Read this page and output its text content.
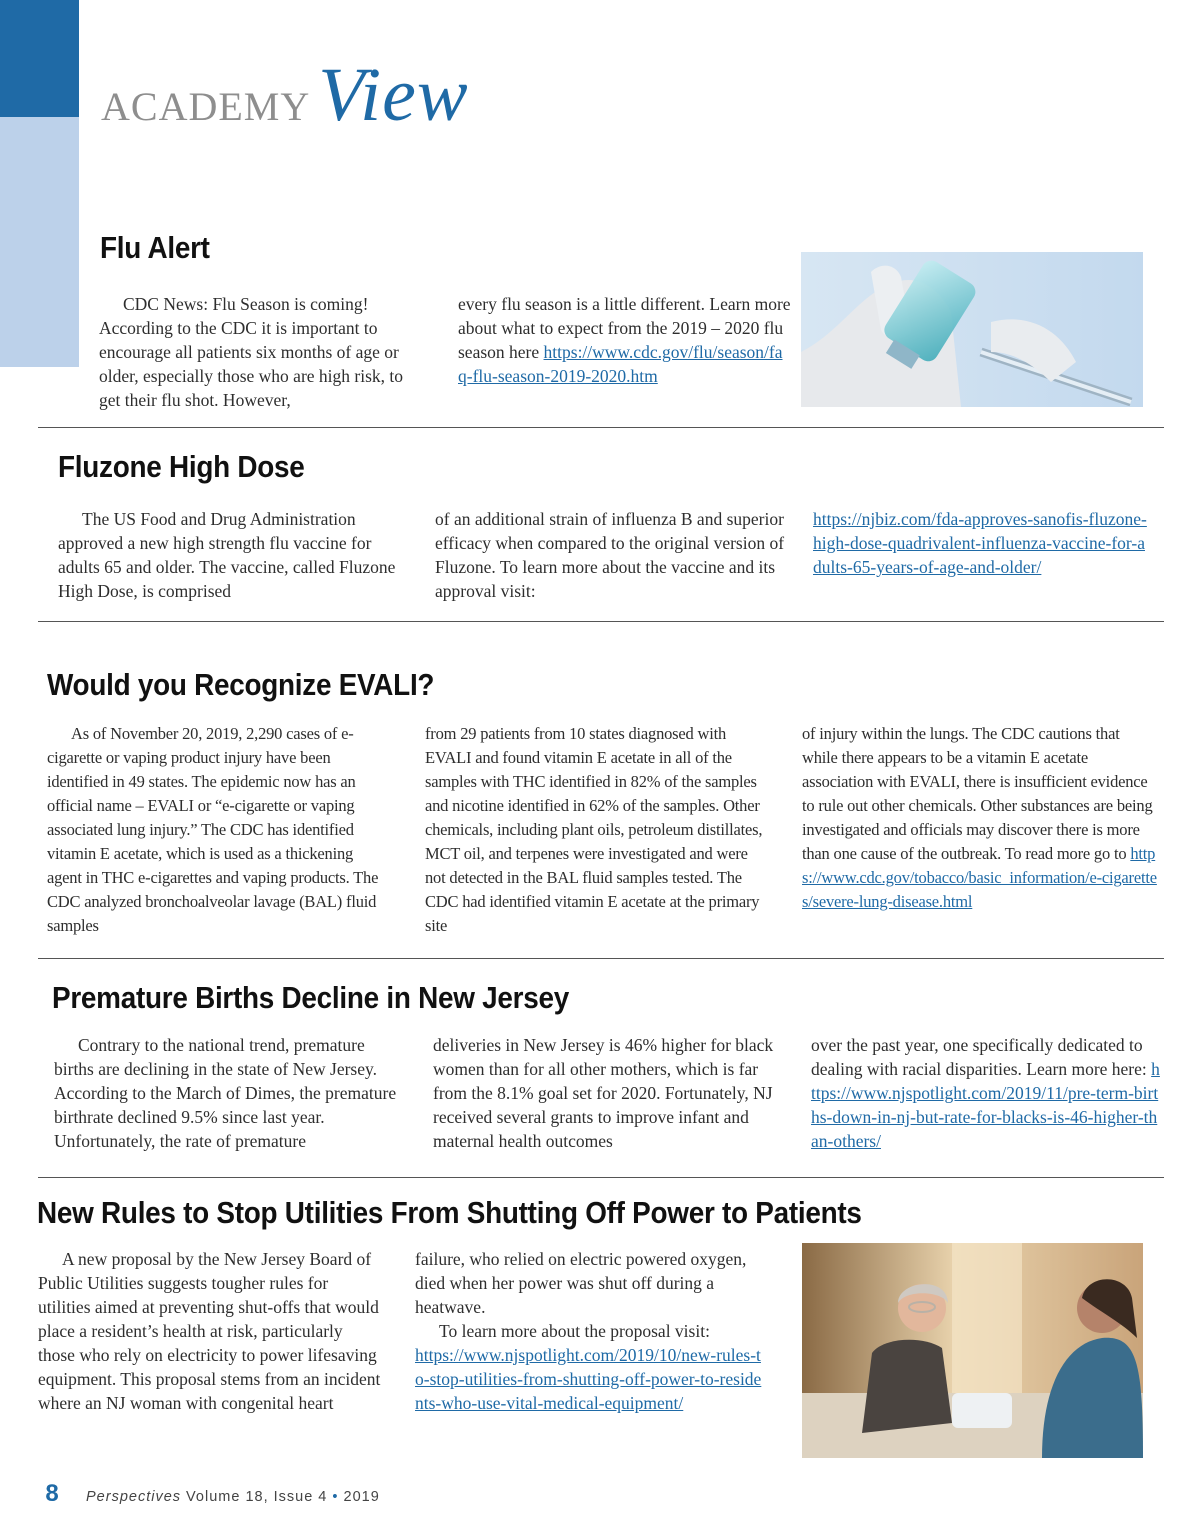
ACADEMY View
Flu Alert

CDC News: Flu Season is coming! According to the CDC it is important to encourage all patients six months of age or older, especially those who are high risk, to get their flu shot. However,

every flu season is a little different. Learn more about what to expect from the 2019 – 2020 flu season here https://www.cdc.gov/flu/season/faq-flu-season-2019-2020.htm

Fluzone High Dose

The US Food and Drug Administration approved a new high strength flu vaccine for adults 65 and older. The vaccine, called Fluzone High Dose, is comprised

of an additional strain of influenza B and superior efficacy when compared to the original version of Fluzone. To learn more about the vaccine and its approval visit:

https://njbiz.com/fda-approves-sanofis-fluzone-high-dose-quadrivalent-influenza-vaccine-for-adults-65-years-of-age-and-older/

Would you Recognize EVALI?

As of November 20, 2019, 2,290 cases of e-cigarette or vaping product injury have been identified in 49 states. The epidemic now has an official name – EVALI or “e-cigarette or vaping associated lung injury.” The CDC has identified vitamin E acetate, which is used as a thickening agent in THC e-cigarettes and vaping products. The CDC analyzed bronchoalveolar lavage (BAL) fluid samples

from 29 patients from 10 states diagnosed with EVALI and found vitamin E acetate in all of the samples with THC identified in 82% of the samples and nicotine identified in 62% of the samples. Other chemicals, including plant oils, petroleum distillates, MCT oil, and terpenes were investigated and were not detected in the BAL fluid samples tested. The CDC had identified vitamin E acetate at the primary site

of injury within the lungs. The CDC cautions that while there appears to be a vitamin E acetate association with EVALI, there is insufficient evidence to rule out other chemicals. Other substances are being investigated and officials may discover there is more than one cause of the outbreak. To read more go to https://www.cdc.gov/tobacco/basic_information/e-cigarettes/severe-lung-disease.html

Premature Births Decline in New Jersey

Contrary to the national trend, premature births are declining in the state of New Jersey. According to the March of Dimes, the premature birthrate declined 9.5% since last year. Unfortunately, the rate of premature

deliveries in New Jersey is 46% higher for black women than for all other mothers, which is far from the 8.1% goal set for 2020. Fortunately, NJ received several grants to improve infant and maternal health outcomes

over the past year, one specifically dedicated to dealing with racial disparities. Learn more here: https://www.njspotlight.com/2019/11/pre-term-births-down-in-nj-but-rate-for-blacks-is-46-higher-than-others/

New Rules to Stop Utilities From Shutting Off Power to Patients

A new proposal by the New Jersey Board of Public Utilities suggests tougher rules for utilities aimed at preventing shut-offs that would place a resident’s health at risk, particularly those who rely on electricity to power lifesaving equipment. This proposal stems from an incident where an NJ woman with congenital heart

failure, who relied on electric powered oxygen, died when her power was shut off during a heatwave.
To learn more about the proposal visit:
https://www.njspotlight.com/2019/10/new-rules-to-stop-utilities-from-shutting-off-power-to-residents-who-use-vital-medical-equipment/

8 Perspectives Volume 18, Issue 4 • 2019
